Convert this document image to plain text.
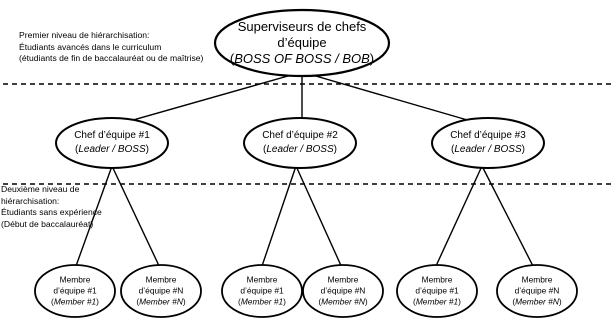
Premier niveau de hiérarchisation:
Étudiants avancés dans le curriculum
(étudiants de fin de baccalauréat ou de maîtrise)
Deuxième niveau de
hiérarchisation:
Étudiants sans expérience
(Début de baccalauréat)
Superviseurs de chefs
d’équipe
(BOSS OF BOSS / BOB)
Chef d’équipe #1
(Leader / BOSS)
Chef d’équipe #2
(Leader / BOSS)
Chef d’équipe #3
(Leader / BOSS)
Membre
d’équipe #1
(Member #1)
Membre
d’équipe #N
(Member #N)
Membre
d’équipe #1
(Member #1)
Membre
d’équipe #N
(Member #N)
Membre
d’équipe #1
(Member #1)
Membre
d’équipe #N
(Member #N)
